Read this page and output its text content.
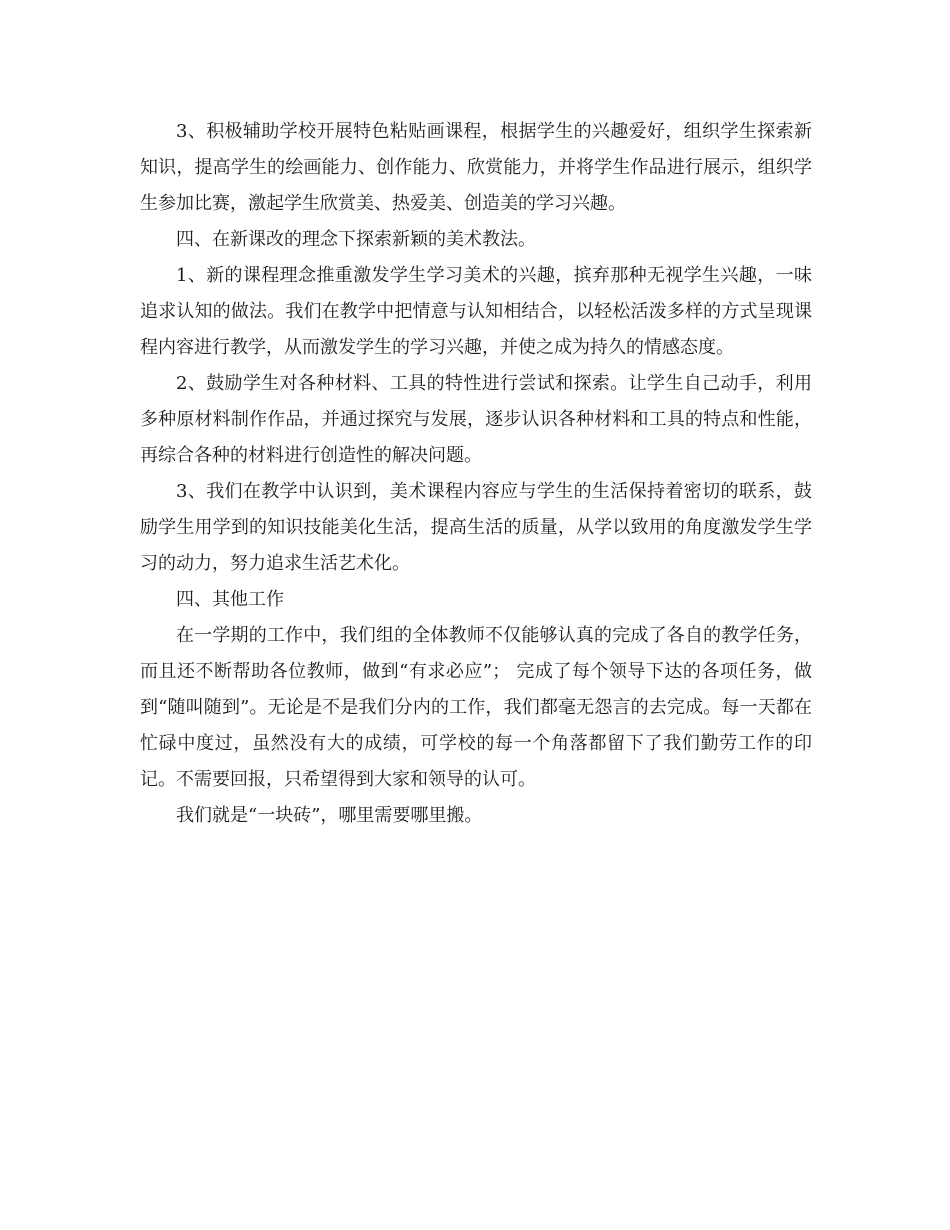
3、积极辅助学校开展特色粘贴画课程，根据学生的兴趣爱好，组织学生探索新知识，提高学生的绘画能力、创作能力、欣赏能力，并将学生作品进行展示，组织学生参加比赛，激起学生欣赏美、热爱美、创造美的学习兴趣。

四、在新课改的理念下探索新颖的美术教法。

1、新的课程理念推重激发学生学习美术的兴趣，摈弃那种无视学生兴趣，一味追求认知的做法。我们在教学中把情意与认知相结合，以轻松活泼多样的方式呈现课程内容进行教学，从而激发学生的学习兴趣，并使之成为持久的情感态度。

2、鼓励学生对各种材料、工具的特性进行尝试和探索。让学生自己动手，利用多种原材料制作作品，并通过探究与发展，逐步认识各种材料和工具的特点和性能，再综合各种的材料进行创造性的解决问题。

3、我们在教学中认识到，美术课程内容应与学生的生活保持着密切的联系，鼓励学生用学到的知识技能美化生活，提高生活的质量，从学以致用的角度激发学生学习的动力，努力追求生活艺术化。

四、其他工作

在一学期的工作中，我们组的全体教师不仅能够认真的完成了各自的教学任务，而且还不断帮助各位教师，做到“有求必应”； 完成了每个领导下达的各项任务，做到“随叫随到”。无论是不是我们分内的工作，我们都毫无怨言的去完成。每一天都在忙碌中度过，虽然没有大的成绩，可学校的每一个角落都留下了我们勤劳工作的印记。不需要回报，只希望得到大家和领导的认可。

我们就是“一块砖”，哪里需要哪里搬。
